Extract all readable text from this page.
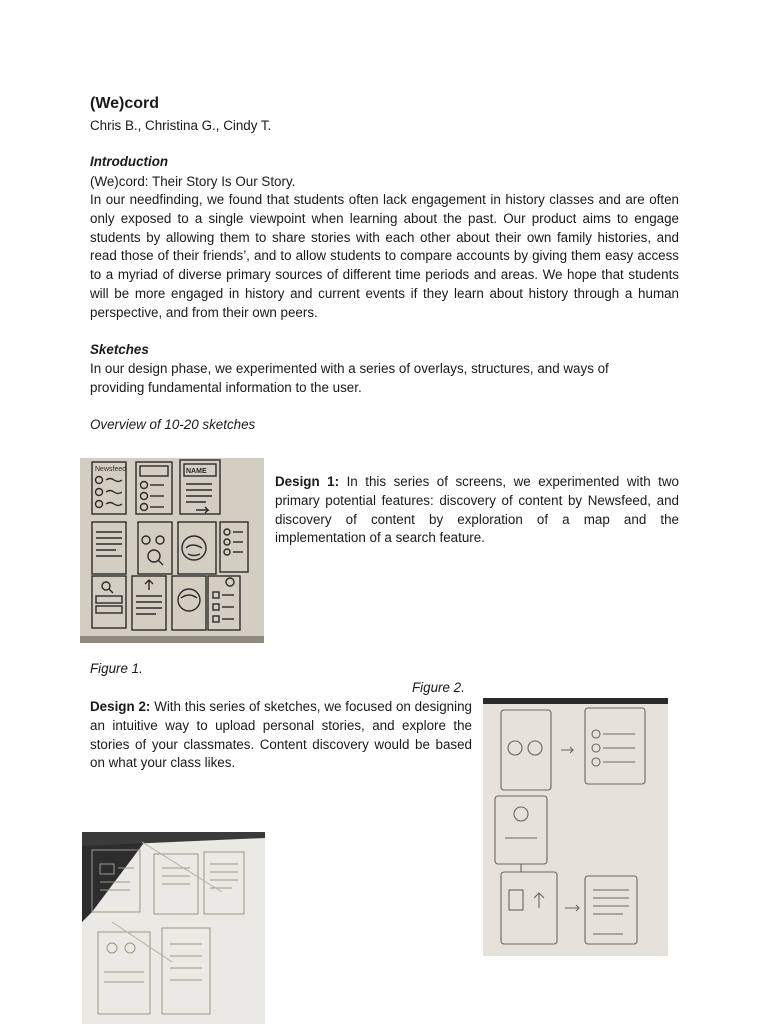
(We)cord
Chris B., Christina G., Cindy T.
Introduction
(We)cord: Their Story Is Our Story.
In our needfinding, we found that students often lack engagement in history classes and are often only exposed to a single viewpoint when learning about the past. Our product aims to engage students by allowing them to share stories with each other about their own family histories, and read those of their friends’, and to allow students to compare accounts by giving them easy access to a myriad of diverse primary sources of different time periods and areas. We hope that students will be more engaged in history and current events if they learn about history through a human perspective, and from their own peers.
Sketches
In our design phase, we experimented with a series of overlays, structures, and ways of providing fundamental information to the user.
Overview of 10-20 sketches
Newsfeed	NAME
Design 1: In this series of screens, we experimented with two primary potential features: discovery of content by Newsfeed, and discovery of content by exploration of a map and the implementation of a search feature.
Figure 1.
Figure 2.
Design 2: With this series of sketches, we focused on designing an intuitive way to upload personal stories, and explore the stories of your classmates. Content discovery would be based on what your class likes.
